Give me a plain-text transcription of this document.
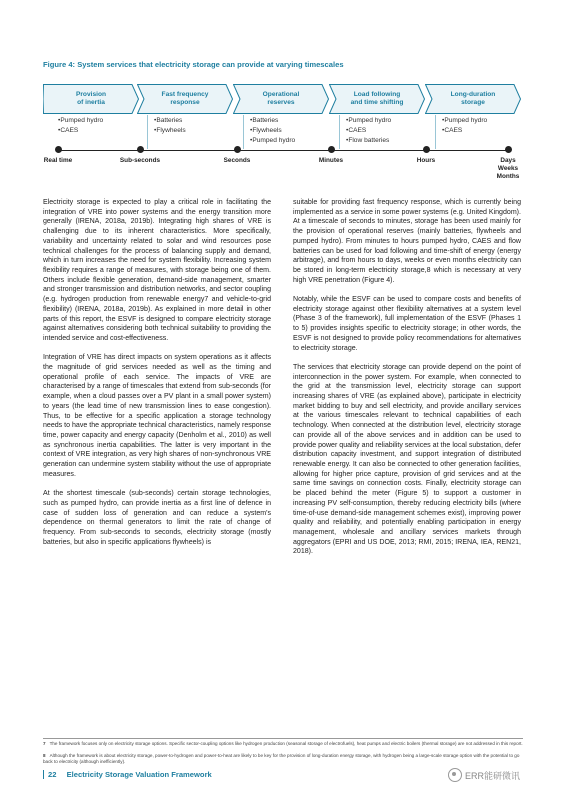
Figure 4: System services that electricity storage can provide at varying timescales
Provision
of inertia
Fast frequency
response
Operational
reserves
Load following
and time shifting
Long-duration
storage
• Pumped hydro
• CAES
• Batteries
• Flywheels
• Batteries
• Flywheels
• Pumped hydro
• Pumped hydro
• CAES
• Flow batteries
• Pumped hydro
• CAES
Real time	Sub-seconds	Seconds	Minutes	Hours	Days
Weeks
Months

Electricity storage is expected to play a critical role in facilitating the integration of VRE into power systems and the energy transition more generally (IRENA, 2018a, 2019b). Integrating high shares of VRE is challenging due to its inherent characteristics. More specifically, variability and uncertainty related to solar and wind resources pose technical challenges for the process of balancing supply and demand, which in turn increases the need for system flexibility. Increasing system flexibility requires a range of measures, with storage being one of them. Others include flexible generation, demand-side management, smarter and stronger transmission and distribution networks, and sector coupling (e.g. hydrogen production from renewable energy7 and vehicle-to-grid flexibility) (IRENA, 2018a, 2019b). As explained in more detail in other parts of this report, the ESVF is designed to compare electricity storage against alternatives considering both technical suitability to providing the intended service and cost-effectiveness.

Integration of VRE has direct impacts on system operations as it affects the magnitude of grid services needed as well as the timing and operational profile of each service. The impacts of VRE are characterised by a range of timescales that extend from sub-seconds (for example, when a cloud passes over a PV plant in a small power system) to years (the lead time of new transmission lines to ease congestion). Thus, to be effective for a specific application a storage technology needs to have the appropriate technical characteristics, namely response time, power capacity and energy capacity (Denholm et al., 2010) as well as synchronous inertia capabilities. The latter is very important in the context of VRE integration, as very high shares of non-synchronous VRE generation can undermine system stability without the use of appropriate measures.

At the shortest timescale (sub-seconds) certain storage technologies, such as pumped hydro, can provide inertia as a first line of defence in case of sudden loss of generation and can reduce a system's dependence on thermal generators to limit the rate of change of frequency. From sub-seconds to seconds, electricity storage (mostly batteries, but also in specific applications flywheels) is

suitable for providing fast frequency response, which is currently being implemented as a service in some power systems (e.g. United Kingdom). At a timescale of seconds to minutes, storage has been used mainly for the provision of operational reserves (mainly batteries, flywheels and pumped hydro). From minutes to hours pumped hydro, CAES and flow batteries can be used for load following and time-shift of energy (energy arbitrage), and from hours to days, weeks or even months electricity can be stored in long-term electricity storage,8 which is necessary at very high VRE penetration (Figure 4).

Notably, while the ESVF can be used to compare costs and benefits of electricity storage against other flexibility alternatives at a system level (Phase 3 of the framework), full implementation of the ESVF (Phases 1 to 5) provides insights specific to electricity storage; in other words, the ESVF is not designed to provide policy recommendations for alternatives to electricity storage.

The services that electricity storage can provide depend on the point of interconnection in the power system. For example, when connected to the grid at the transmission level, electricity storage can support increasing shares of VRE (as explained above), participate in electricity market bidding to buy and sell electricity, and provide ancillary services at the various timescales relevant to technical capabilities of each technology. When connected at the distribution level, electricity storage can provide all of the above services and in addition can be used to provide power quality and reliability services at the local substation, defer distribution capacity investment, and support integration of distributed renewable energy. It can also be connected to other generation facilities, allowing for higher price capture, provision of grid services and at the same time savings on connection costs. Finally, electricity storage can be placed behind the meter (Figure 5) to support a customer in increasing PV self-consumption, thereby reducing electricity bills (where time-of-use demand-side management schemes exist), improving power quality and reliability, and potentially enabling participation in energy management, wholesale and ancillary services markets through aggregators (EPRI and US DOE, 2013; RMI, 2015; IRENA, IEA, REN21, 2018).

7 The framework focuses only on electricity storage options. Specific sector-coupling options like hydrogen production (seasonal storage of electrofuels), heat pumps and electric boilers (thermal storage) are not addressed in this report.
8 Although the framework is about electricity storage, power-to-hydrogen and power-to-heat are likely to be key for the provision of long-duration energy storage, with hydrogen being a large-scale storage option with the potential to go back to electricity (although inefficiently).
22 Electricity Storage Valuation Framework	ERR能研微讯
